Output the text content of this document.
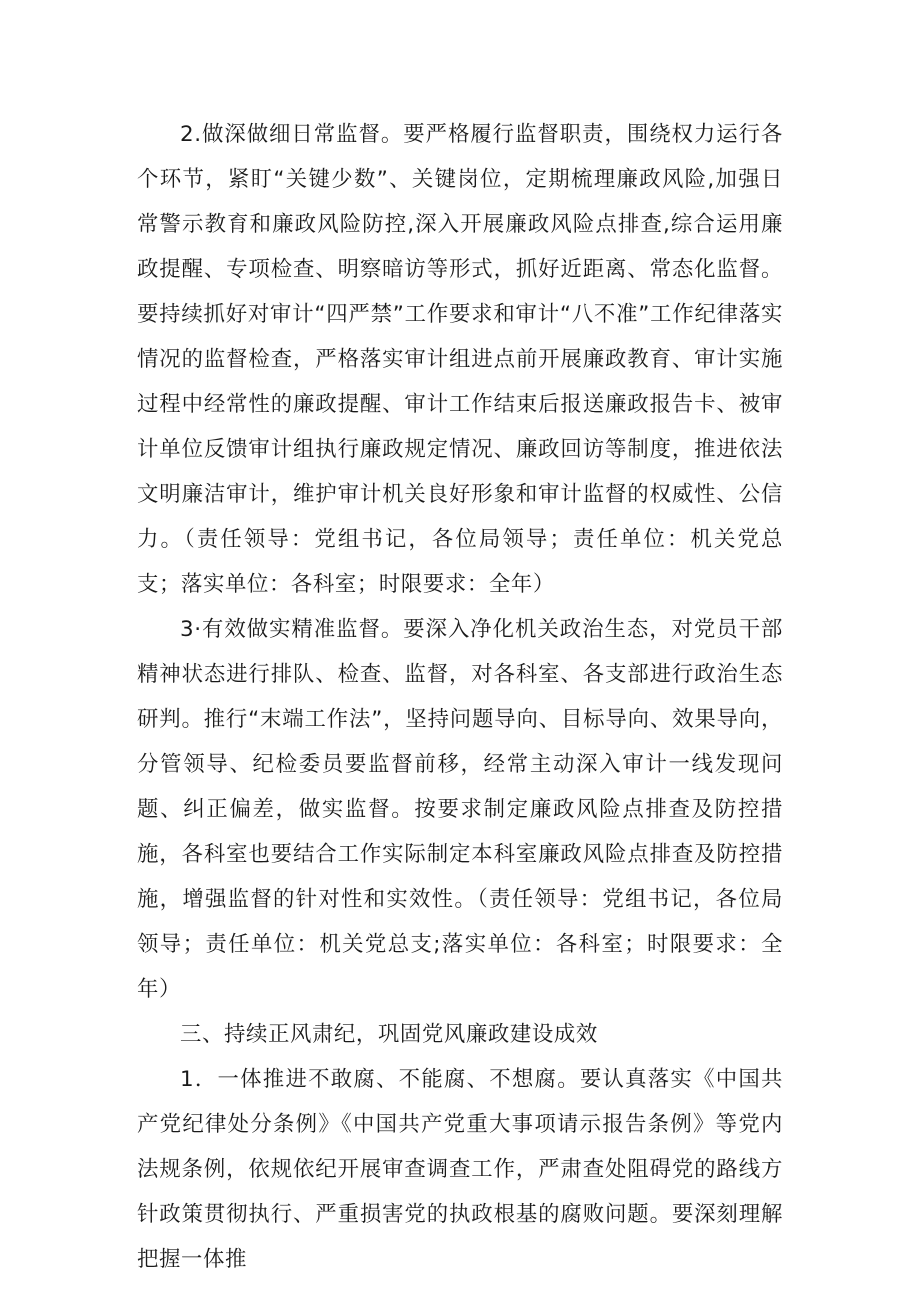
2.做深做细日常监督。要严格履行监督职责，围绕权力运行各个环节，紧盯“关键少数”、关键岗位，定期梳理廉政风险,加强日常警示教育和廉政风险防控,深入开展廉政风险点排查,综合运用廉政提醒、专项检查、明察暗访等形式，抓好近距离、常态化监督。要持续抓好对审计“四严禁”工作要求和审计“八不准”工作纪律落实情况的监督检查，严格落实审计组进点前开展廉政教育、审计实施过程中经常性的廉政提醒、审计工作结束后报送廉政报告卡、被审计单位反馈审计组执行廉政规定情况、廉政回访等制度，推进依法文明廉洁审计，维护审计机关良好形象和审计监督的权威性、公信力。（责任领导：党组书记，各位局领导；责任单位：机关党总支；落实单位：各科室；时限要求：全年）

3·有效做实精准监督。要深入净化机关政治生态，对党员干部精神状态进行排队、检查、监督，对各科室、各支部进行政治生态研判。推行“末端工作法”，坚持问题导向、目标导向、效果导向，分管领导、纪检委员要监督前移，经常主动深入审计一线发现问题、纠正偏差，做实监督。按要求制定廉政风险点排查及防控措施，各科室也要结合工作实际制定本科室廉政风险点排查及防控措施，增强监督的针对性和实效性。（责任领导：党组书记，各位局领导；责任单位：机关党总支;落实单位：各科室；时限要求：全年）

三、持续正风肃纪，巩固党风廉政建设成效

1．一体推进不敢腐、不能腐、不想腐。要认真落实《中国共产党纪律处分条例》《中国共产党重大事项请示报告条例》等党内法规条例，依规依纪开展审查调查工作，严肃查处阻碍党的路线方针政策贯彻执行、严重损害党的执政根基的腐败问题。要深刻理解把握一体推
